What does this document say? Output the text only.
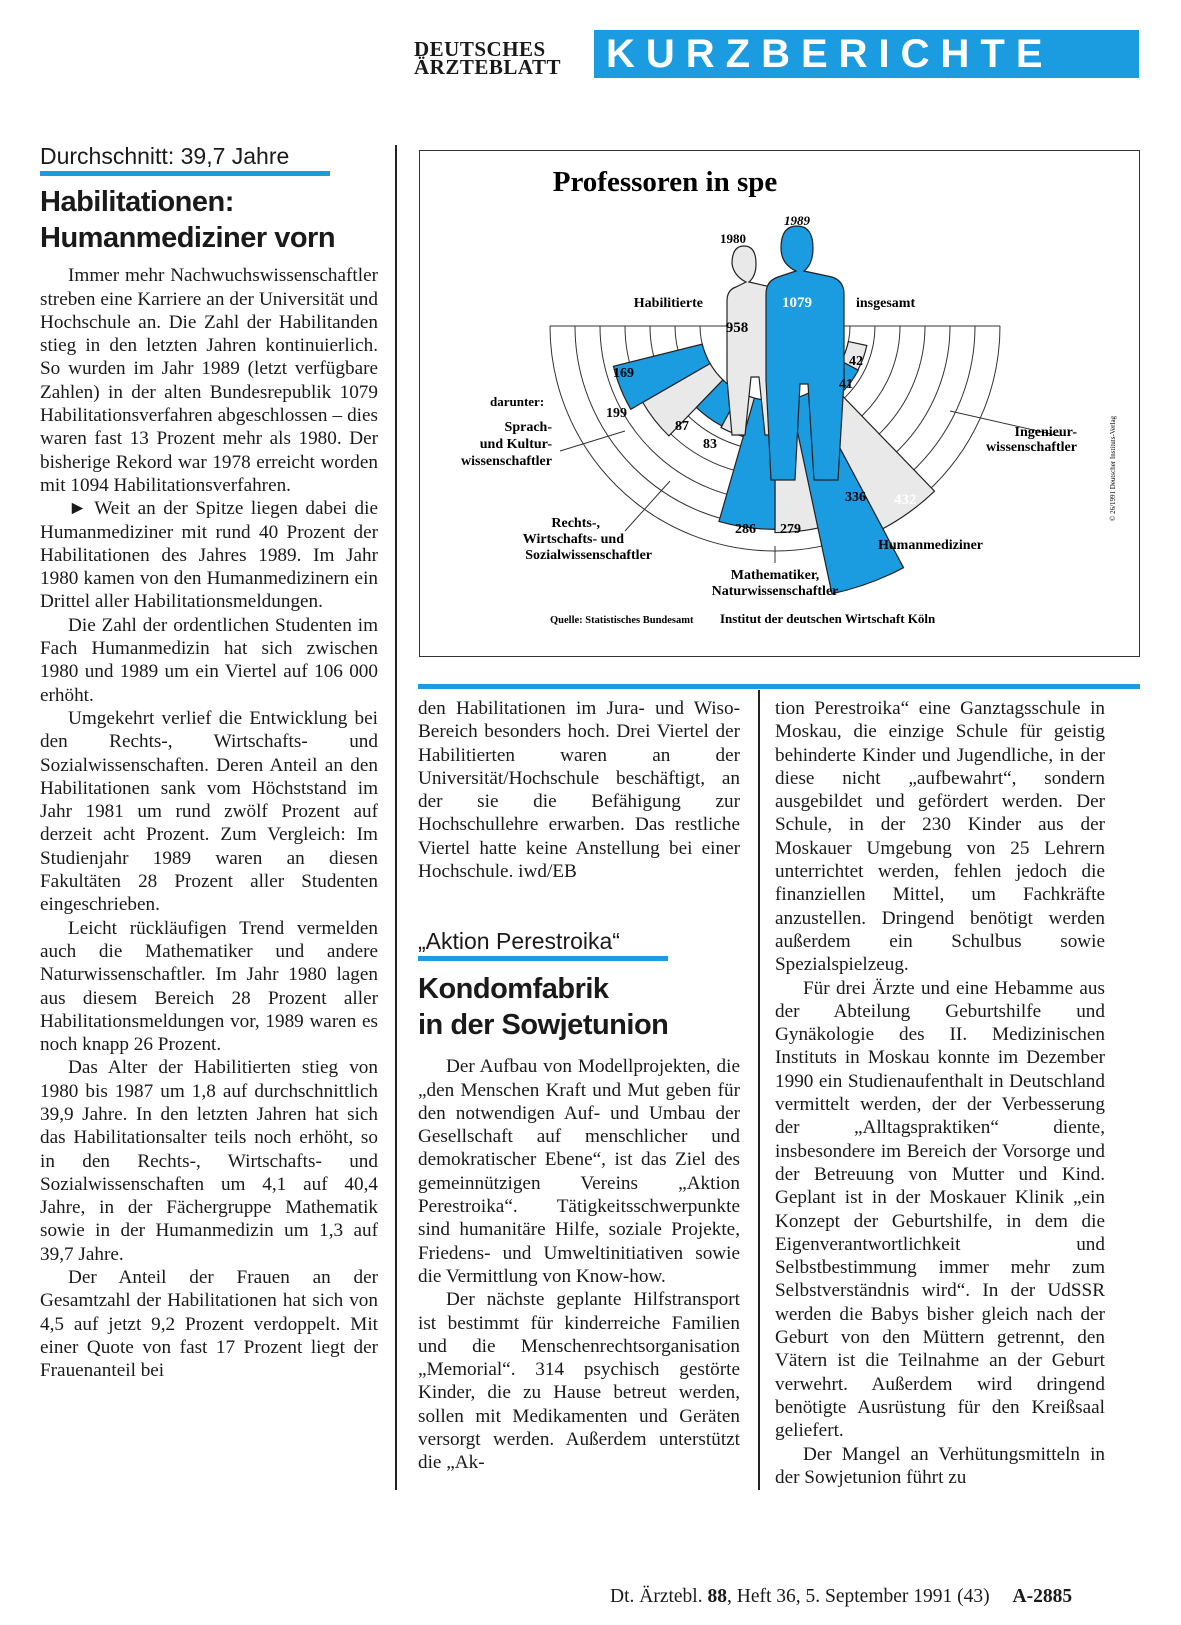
DEUTSCHES
ÄRZTEBLATT	KURZBERICHTE
Durchschnitt: 39,7 Jahre
Habilitationen:
Humanmediziner vorn

Immer mehr Nachwuchswissenschaftler streben eine Karriere an der Universität und Hochschule an. Die Zahl der Habilitanden stieg in den letzten Jahren kontinuierlich. So wurden im Jahr 1989 (letzt verfügbare Zahlen) in der alten Bundesrepublik 1079 Habilitationsverfahren abgeschlossen – dies waren fast 13 Prozent mehr als 1980. Der bisherige Rekord war 1978 erreicht worden mit 1094 Habilitationsverfahren.

► Weit an der Spitze liegen dabei die Humanmediziner mit rund 40 Prozent der Habilitationen des Jahres 1989. Im Jahr 1980 kamen von den Humanmedizinern ein Drittel aller Habilitationsmeldungen.

Die Zahl der ordentlichen Studenten im Fach Humanmedizin hat sich zwischen 1980 und 1989 um ein Viertel auf 106 000 erhöht.

Umgekehrt verlief die Entwicklung bei den Rechts-, Wirtschafts- und Sozialwissenschaften. Deren Anteil an den Habilitationen sank vom Höchststand im Jahr 1981 um rund zwölf Prozent auf derzeit acht Prozent. Zum Vergleich: Im Studienjahr 1989 waren an diesen Fakultäten 28 Prozent aller Studenten eingeschrieben.

Leicht rückläufigen Trend vermelden auch die Mathematiker und andere Naturwissenschaftler. Im Jahr 1980 lagen aus diesem Bereich 28 Prozent aller Habilitationsmeldungen vor, 1989 waren es noch knapp 26 Prozent.

Das Alter der Habilitierten stieg von 1980 bis 1987 um 1,8 auf durchschnittlich 39,9 Jahre. In den letzten Jahren hat sich das Habilitationsalter teils noch erhöht, so in den Rechts-, Wirtschafts- und Sozialwissenschaften um 4,1 auf 40,4 Jahre, in der Fächergruppe Mathematik sowie in der Humanmedizin um 1,3 auf 39,7 Jahre.

Der Anteil der Frauen an der Gesamtzahl der Habilitationen hat sich von 4,5 auf jetzt 9,2 Prozent verdoppelt. Mit einer Quote von fast 17 Prozent liegt der Frauenanteil bei

Professoren in spe
1980
1989
Habilitierte	insgesamt
958
1079
169
199
87
83
286 279
336 432
42
41
darunter:
Sprach-und Kultur-wissenschaftler
Rechts-, Wirtschafts- und Sozialwissenschaftler
Mathematiker, Naturwissenschaftler
Humanmediziner
Ingenieur-wissenschaftler
Quelle: Statistisches Bundesamt Institut der deutschen Wirtschaft Köln
© 26/1991 Deutscher Instituts-Verlag

den Habilitationen im Jura- und Wiso-Bereich besonders hoch. Drei Viertel der Habilitierten waren an der Universität/Hochschule beschäftigt, an der sie die Befähigung zur Hochschullehre erwarben. Das restliche Viertel hatte keine Anstellung bei einer Hochschule. iwd/EB

„Aktion Perestroika“
Kondomfabrik
in der Sowjetunion

Der Aufbau von Modellprojekten, die „den Menschen Kraft und Mut geben für den notwendigen Auf- und Umbau der Gesellschaft auf menschlicher und demokratischer Ebene“, ist das Ziel des gemeinnützigen Vereins „Aktion Perestroika“. Tätigkeitsschwerpunkte sind humanitäre Hilfe, soziale Projekte, Friedens- und Umweltinitiativen sowie die Vermittlung von Know-how.

Der nächste geplante Hilfstransport ist bestimmt für kinderreiche Familien und die Menschenrechtsorganisation „Memorial“. 314 psychisch gestörte Kinder, die zu Hause betreut werden, sollen mit Medikamenten und Geräten versorgt werden. Außerdem unterstützt die „Ak-

tion Perestroika“ eine Ganztagsschule in Moskau, die einzige Schule für geistig behinderte Kinder und Jugendliche, in der diese nicht „aufbewahrt“, sondern ausgebildet und gefördert werden. Der Schule, in der 230 Kinder aus der Moskauer Umgebung von 25 Lehrern unterrichtet werden, fehlen jedoch die finanziellen Mittel, um Fachkräfte anzustellen. Dringend benötigt werden außerdem ein Schulbus sowie Spezialspielzeug.

Für drei Ärzte und eine Hebamme aus der Abteilung Geburtshilfe und Gynäkologie des II. Medizinischen Instituts in Moskau konnte im Dezember 1990 ein Studienaufenthalt in Deutschland vermittelt werden, der der Verbesserung der „Alltagspraktiken“ diente, insbesondere im Bereich der Vorsorge und der Betreuung von Mutter und Kind. Geplant ist in der Moskauer Klinik „ein Konzept der Geburtshilfe, in dem die Eigenverantwortlichkeit und Selbstbestimmung immer mehr zum Selbstverständnis wird“. In der UdSSR werden die Babys bisher gleich nach der Geburt von den Müttern getrennt, den Vätern ist die Teilnahme an der Geburt verwehrt. Außerdem wird dringend benötigte Ausrüstung für den Kreißsaal geliefert.

Der Mangel an Verhütungsmitteln in der Sowjetunion führt zu

Dt. Ärztebl. 88, Heft 36, 5. September 1991 (43) A-2885
